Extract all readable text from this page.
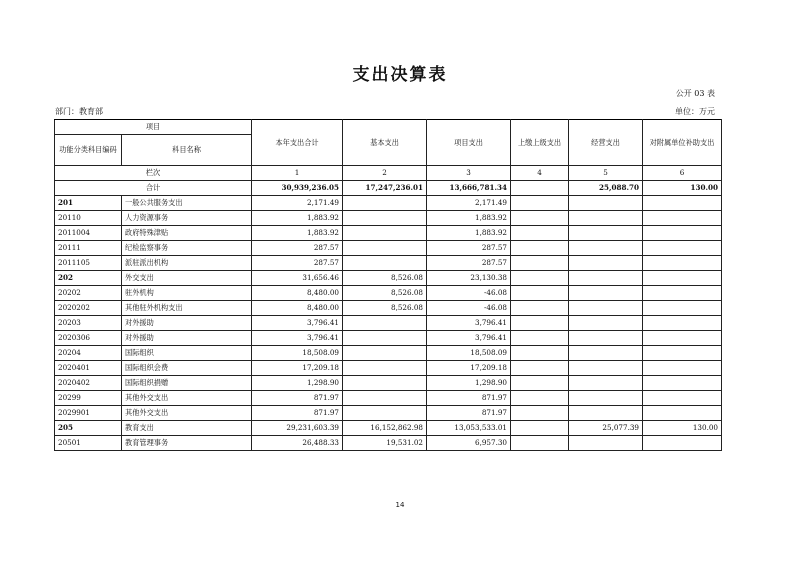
支出决算表
公开 03 表
部门：教育部	单位：万元
项目		本年支出合计	基本支出	项目支出	上缴上级支出	经营支出	对附属单位补助支出
功能分类科目编码	科目名称						
栏次		1	2	3	4	5	6
合计		30,939,236.05	17,247,236.01	13,666,781.34		25,088.70	130.00
201	一般公共服务支出	2,171.49		2,171.49			
20110	人力资源事务	1,883.92		1,883.92			
2011004	政府特殊津贴	1,883.92		1,883.92			
20111	纪检监察事务	287.57		287.57			
2011105	派驻派出机构	287.57		287.57			
202	外交支出	31,656.46	8,526.08	23,130.38			
20202	驻外机构	8,480.00	8,526.08	-46.08			
2020202	其他驻外机构支出	8,480.00	8,526.08	-46.08			
20203	对外援助	3,796.41		3,796.41			
2020306	对外援助	3,796.41		3,796.41			
20204	国际组织	18,508.09		18,508.09			
2020401	国际组织会费	17,209.18		17,209.18			
2020402	国际组织捐赠	1,298.90		1,298.90			
20299	其他外交支出	871.97		871.97			
2029901	其他外交支出	871.97		871.97			
205	教育支出	29,231,603.39	16,152,862.98	13,053,533.01		25,077.39	130.00
20501	教育管理事务	26,488.33	19,531.02	6,957.30			
14
